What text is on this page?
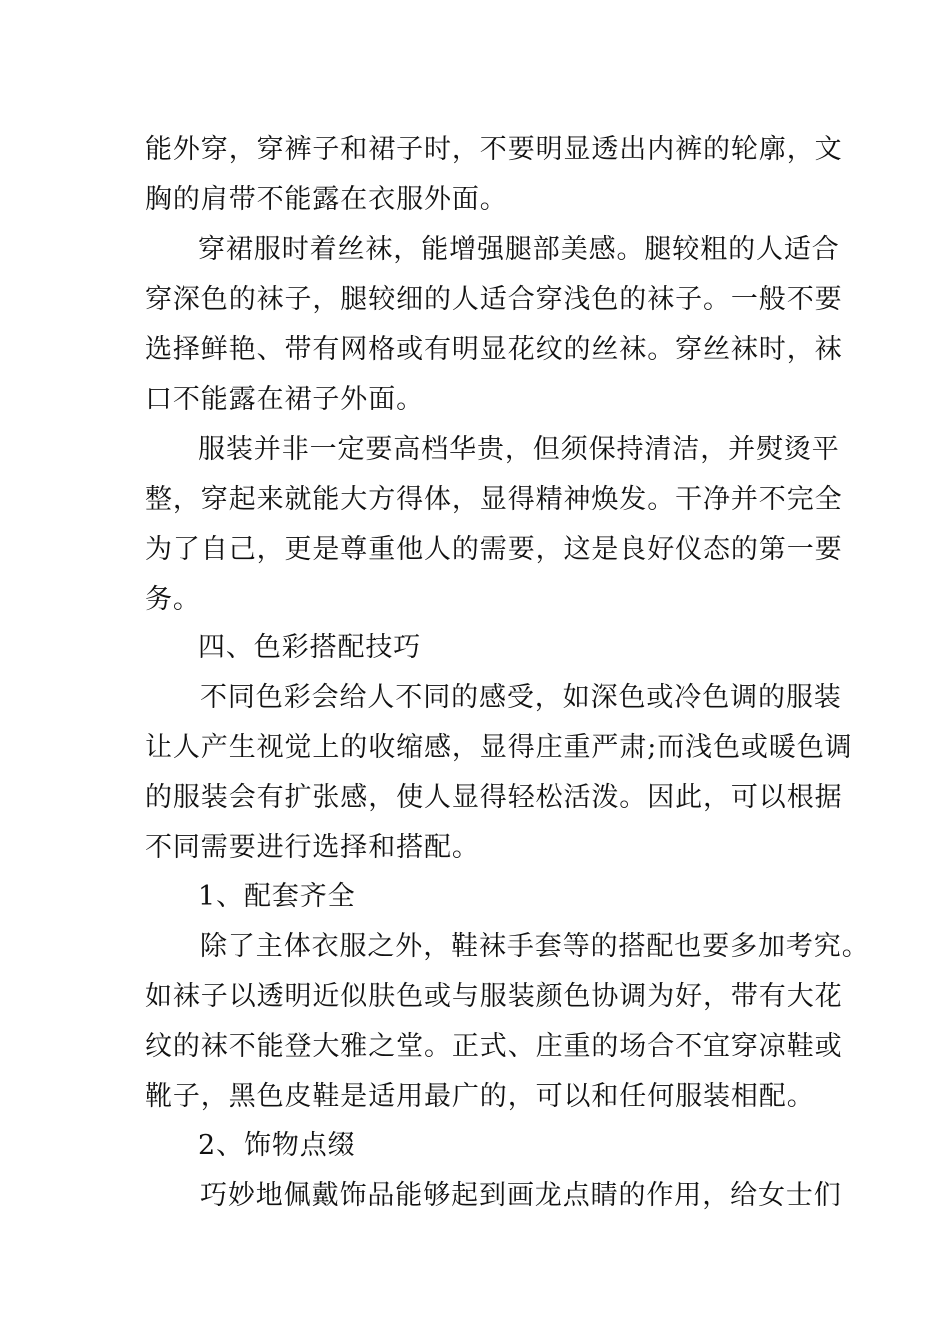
能外穿，穿裤子和裙子时，不要明显透出内裤的轮廓，文
胸的肩带不能露在衣服外面。
穿裙服时着丝袜，能增强腿部美感。腿较粗的人适合
穿深色的袜子，腿较细的人适合穿浅色的袜子。一般不要
选择鲜艳、带有网格或有明显花纹的丝袜。穿丝袜时，袜
口不能露在裙子外面。
服装并非一定要高档华贵，但须保持清洁，并熨烫平
整，穿起来就能大方得体，显得精神焕发。干净并不完全
为了自己，更是尊重他人的需要，这是良好仪态的第一要
务。
四、色彩搭配技巧
不同色彩会给人不同的感受，如深色或冷色调的服装
让人产生视觉上的收缩感，显得庄重严肃;而浅色或暖色调
的服装会有扩张感，使人显得轻松活泼。因此，可以根据
不同需要进行选择和搭配。
1、配套齐全
除了主体衣服之外，鞋袜手套等的搭配也要多加考究。
如袜子以透明近似肤色或与服装颜色协调为好，带有大花
纹的袜不能登大雅之堂。正式、庄重的场合不宜穿凉鞋或
靴子，黑色皮鞋是适用最广的，可以和任何服装相配。
2、饰物点缀
巧妙地佩戴饰品能够起到画龙点睛的作用，给女士们
